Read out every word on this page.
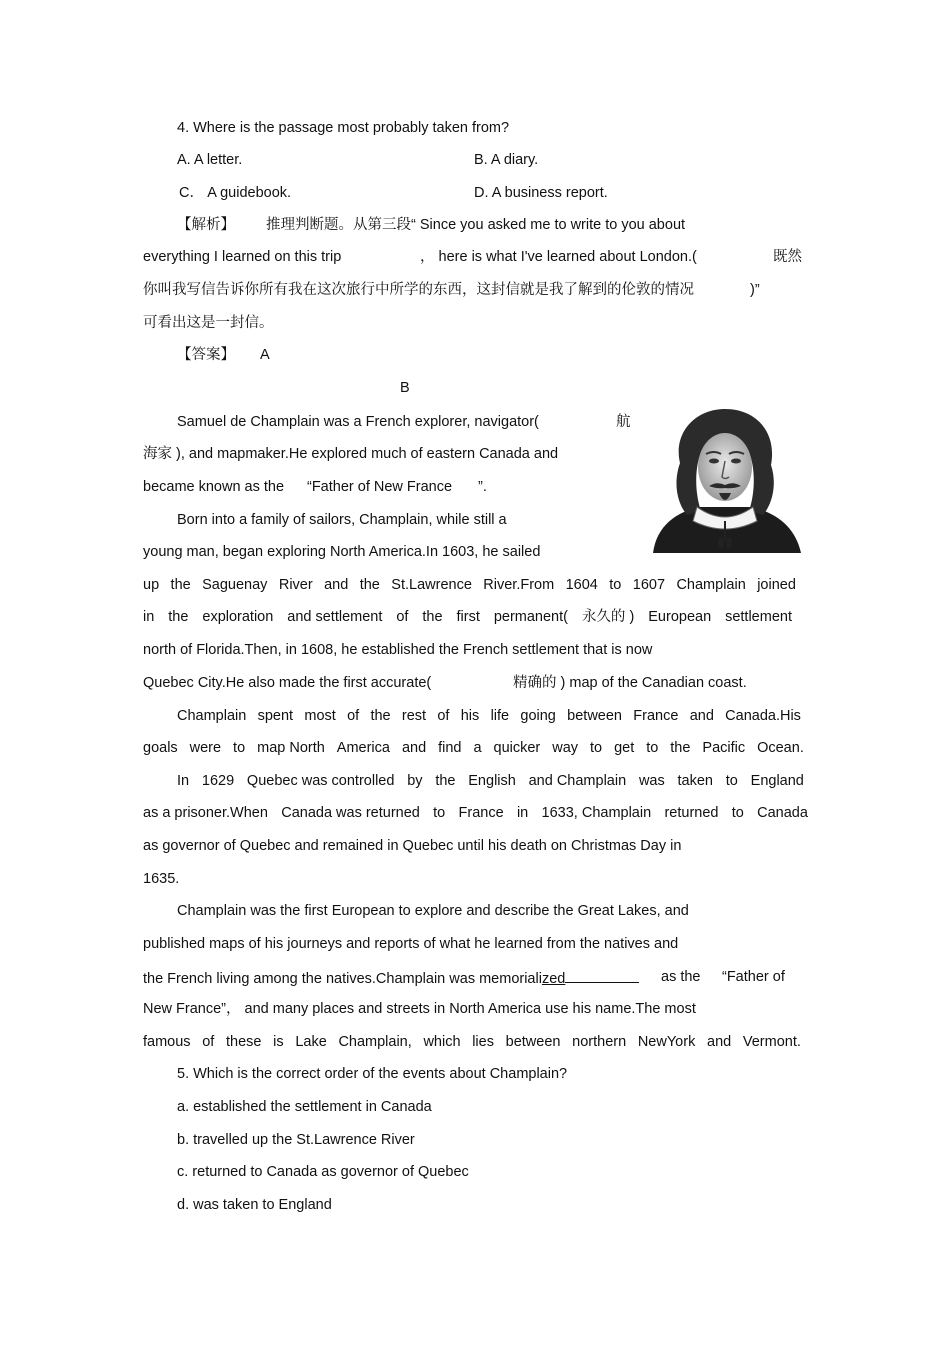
4. Where is the passage most probably taken from?
A. A letter.	B. A diary.
C． A guidebook.	D. A business report.
【解析】 推理判断题。从第三段“ Since you asked me to write to you about
everything I learned on this trip	， here is what I've learned about London.(	既然
你叫我写信告诉你所有我在这次旅行中所学的东西，这封信就是我了解到的伦敦的情况	)”
可看出这是一封信。
【答案】 A
B
Samuel de Champlain was a French explorer, navigator(	航
海家 ), and mapmaker.He explored much of eastern Canada and
became known as the “Father of New France ”.
Born into a family of sailors, Champlain, while still a
young man, began exploring North America.In 1603, he sailed
up the Saguenay River and the St.Lawrence River.From 1604 to 1607 Champlain joined
in the exploration and settlement of the first permanent( 永久的 ) European settlement
north of Florida.Then, in 1608, he established the French settlement that is now
Quebec City.He also made the first accurate(	精确的 ) map of the Canadian coast.
Champlain spent most of the rest of his life going between France and Canada.His
goals were to map North America and find a quicker way to get to the Pacific Ocean.
In 1629 Quebec was controlled by the English and Champlain was taken to England
as a prisoner.When Canada was returned to France in 1633, Champlain returned to Canada
as governor of Quebec and remained in Quebec until his death on Christmas Day in
1635.
Champlain was the first European to explore and describe the Great Lakes, and
published maps of his journeys and reports of what he learned from the natives and
the French living among the natives.Champlain was memorialized	as the “Father of
New France”， and many places and streets in North America use his name.The most
famous of these is Lake Champlain, which lies between northern NewYork and Vermont.
5. Which is the correct order of the events about Champlain?
a. established the settlement in Canada
b. travelled up the St.Lawrence River
c. returned to Canada as governor of Quebec
d. was taken to England
